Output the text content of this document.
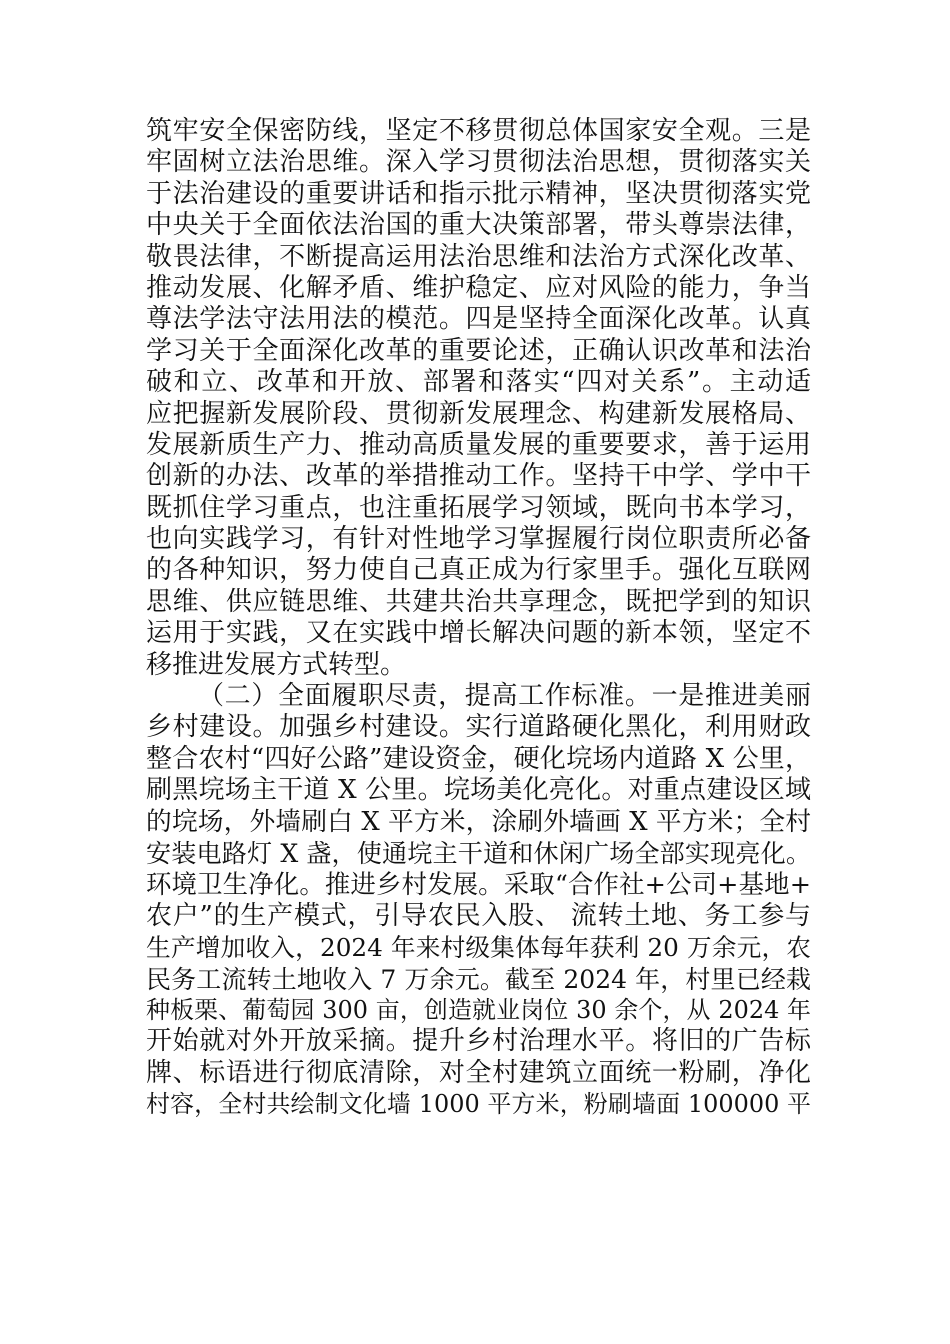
筑牢安全保密防线，坚定不移贯彻总体国家安全观。三是
牢固树立法治思维。深入学习贯彻法治思想，贯彻落实关
于法治建设的重要讲话和指示批示精神，坚决贯彻落实党
中央关于全面依法治国的重大决策部署，带头尊崇法律，
敬畏法律，不断提高运用法治思维和法治方式深化改革、
推动发展、化解矛盾、维护稳定、应对风险的能力，争当
尊法学法守法用法的模范。四是坚持全面深化改革。认真
学习关于全面深化改革的重要论述，正确认识改革和法治
破和立、改革和开放、部署和落实“四对关系”。主动适
应把握新发展阶段、贯彻新发展理念、构建新发展格局、
发展新质生产力、推动高质量发展的重要要求，善于运用
创新的办法、改革的举措推动工作。坚持干中学、学中干
既抓住学习重点，也注重拓展学习领域，既向书本学习，
也向实践学习，有针对性地学习掌握履行岗位职责所必备
的各种知识，努力使自己真正成为行家里手。强化互联网
思维、供应链思维、共建共治共享理念，既把学到的知识
运用于实践，又在实践中增长解决问题的新本领，坚定不
移推进发展方式转型。
（二）全面履职尽责，提高工作标准。一是推进美丽
乡村建设。加强乡村建设。实行道路硬化黑化，利用财政
整合农村“四好公路”建设资金，硬化垸场内道路 X 公里，
刷黑垸场主干道 X 公里。垸场美化亮化。对重点建设区域
的垸场，外墙刷白 X 平方米，涂刷外墙画 X 平方米；全村
安装电路灯 X 盏，使通垸主干道和休闲广场全部实现亮化。
环境卫生净化。推进乡村发展。采取“合作社+公司+基地+
农户”的生产模式，引导农民入股、 流转土地、务工参与
生产增加收入，2024 年来村级集体每年获利 20 万余元，农
民务工流转土地收入 7 万余元。截至 2024 年，村里已经栽
种板栗、葡萄园 300 亩，创造就业岗位 30 余个，从 2024 年
开始就对外开放采摘。提升乡村治理水平。将旧的广告标
牌、标语进行彻底清除，对全村建筑立面统一粉刷，净化
村容，全村共绘制文化墙 1000 平方米，粉刷墙面 100000 平
